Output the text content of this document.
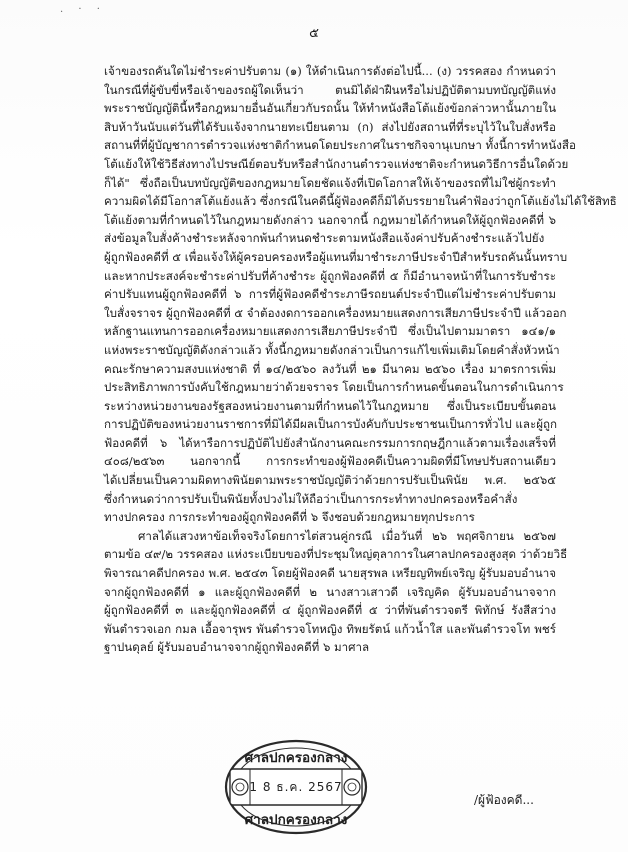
. · ·
๕
เจ้าของรถคันใดไม่ชำระค่าปรับตาม (๑) ให้ดำเนินการดังต่อไปนี้... (ง) วรรคสอง กำหนดว่า
ในกรณีที่ผู้ขับขี่หรือเจ้าของรถผู้ใดเห็นว่า ตนมิได้ฝ่าฝืนหรือไม่ปฏิบัติตามบทบัญญัติแห่ง
พระราชบัญญัตินี้หรือกฎหมายอื่นอันเกี่ยวกับรถนั้น ให้ทำหนังสือโต้แย้งข้อกล่าวหานั้นภายใน
สิบห้าวันนับแต่วันที่ได้รับแจ้งจากนายทะเบียนตาม (ก) ส่งไปยังสถานที่ที่ระบุไว้ในใบสั่งหรือ
สถานที่ที่ผู้บัญชาการตำรวจแห่งชาติกำหนดโดยประกาศในราชกิจจานุเบกษา ทั้งนี้การทำหนังสือ
โต้แย้งให้ใช้วิธีส่งทางไปรษณีย์ตอบรับหรือสำนักงานตำรวจแห่งชาติจะกำหนดวิธีการอื่นใดด้วย
ก็ได้" ซึ่งถือเป็นบทบัญญัติของกฎหมายโดยชัดแจ้งที่เปิดโอกาสให้เจ้าของรถที่ไม่ใช่ผู้กระทำ
ความผิดได้มีโอกาสโต้แย้งแล้ว ซึ่งกรณีในคดีนี้ผู้ฟ้องคดีก็มิได้บรรยายในคำฟ้องว่าถูกโต้แย้งไม่ได้ใช้สิทธิ
โต้แย้งตามที่กำหนดไว้ในกฎหมายดังกล่าว นอกจากนี้ กฎหมายได้กำหนดให้ผู้ถูกฟ้องคดีที่ ๖
ส่งข้อมูลใบสั่งค้างชำระหลังจากพ้นกำหนดชำระตามหนังสือแจ้งค่าปรับค้างชำระแล้วไปยัง
ผู้ถูกฟ้องคดีที่ ๕ เพื่อแจ้งให้ผู้ครอบครองหรือผู้แทนที่มาชำระภาษีประจำปีสำหรับรถคันนั้นทราบ
และหากประสงค์จะชำระค่าปรับที่ค้างชำระ ผู้ถูกฟ้องคดีที่ ๕ ก็มีอำนาจหน้าที่ในการรับชำระ
ค่าปรับแทนผู้ถูกฟ้องคดีที่ ๖ การที่ผู้ฟ้องคดีชำระภาษีรถยนต์ประจำปีแต่ไม่ชำระค่าปรับตาม
ใบสั่งจราจร ผู้ถูกฟ้องคดีที่ ๕ จำต้องงดการออกเครื่องหมายแสดงการเสียภาษีประจำปี แล้วออก
หลักฐานแทนการออกเครื่องหมายแสดงการเสียภาษีประจำปี ซึ่งเป็นไปตามมาตรา ๑๔๑/๑
แห่งพระราชบัญญัติดังกล่าวแล้ว ทั้งนี้กฎหมายดังกล่าวเป็นการแก้ไขเพิ่มเติมโดยคำสั่งหัวหน้า
คณะรักษาความสงบแห่งชาติ ที่ ๑๔/๒๕๖๐ ลงวันที่ ๒๑ มีนาคม ๒๕๖๐ เรื่อง มาตรการเพิ่ม
ประสิทธิภาพการบังคับใช้กฎหมายว่าด้วยจราจร โดยเป็นการกำหนดขั้นตอนในการดำเนินการ
ระหว่างหน่วยงานของรัฐสองหน่วยงานตามที่กำหนดไว้ในกฎหมาย ซึ่งเป็นระเบียบขั้นตอน
การปฏิบัติของหน่วยงานราชการที่มิได้มีผลเป็นการบังคับกับประชาชนเป็นการทั่วไป และผู้ถูก
ฟ้องคดีที่ ๖ ได้หารือการปฏิบัติไปยังสำนักงานคณะกรรมการกฤษฎีกาแล้วตามเรื่องเสร็จที่
๔๐๘/๒๕๖๓ นอกจากนี้ การกระทำของผู้ฟ้องคดีเป็นความผิดที่มีโทษปรับสถานเดียว
ได้เปลี่ยนเป็นความผิดทางพินัยตามพระราชบัญญัติว่าด้วยการปรับเป็นพินัย พ.ศ. ๒๕๖๕
ซึ่งกำหนดว่าการปรับเป็นพินัยทั้งปวงไม่ให้ถือว่าเป็นการกระทำทางปกครองหรือคำสั่ง
ทางปกครอง การกระทำของผู้ถูกฟ้องคดีที่ ๖ จึงชอบด้วยกฎหมายทุกประการ
ศาลได้แสวงหาข้อเท็จจริงโดยการไต่สวนคู่กรณี เมื่อวันที่ ๒๖ พฤศจิกายน ๒๕๖๗
ตามข้อ ๔๙/๒ วรรคสอง แห่งระเบียบของที่ประชุมใหญ่ตุลาการในศาลปกครองสูงสุด ว่าด้วยวิธี
พิจารณาคดีปกครอง พ.ศ. ๒๕๔๓ โดยผู้ฟ้องคดี นายสุรพล เหรียญทิพย์เจริญ ผู้รับมอบอำนาจ
จากผู้ถูกฟ้องคดีที่ ๑ และผู้ถูกฟ้องคดีที่ ๒ นางสาวเสาวดี เจริญคิด ผู้รับมอบอำนาจจาก
ผู้ถูกฟ้องคดีที่ ๓ และผู้ถูกฟ้องคดีที่ ๔ ผู้ถูกฟ้องคดีที่ ๕ ว่าที่พันตำรวจตรี พิทักษ์ รังสีสว่าง
พันตำรวจเอก กมล เอื้อจารุพร พันตำรวจโทหญิง ทิพยรัตน์ แก้วน้ำใส และพันตำรวจโท พชร์
ฐาปนดุลย์ ผู้รับมอบอำนาจจากผู้ถูกฟ้องคดีที่ ๖ มาศาล
ศาลปกครองกลาง
1 8 ธ.ค. 2567
ศาลปกครองกลาง
/ผู้ฟ้องคดี...
